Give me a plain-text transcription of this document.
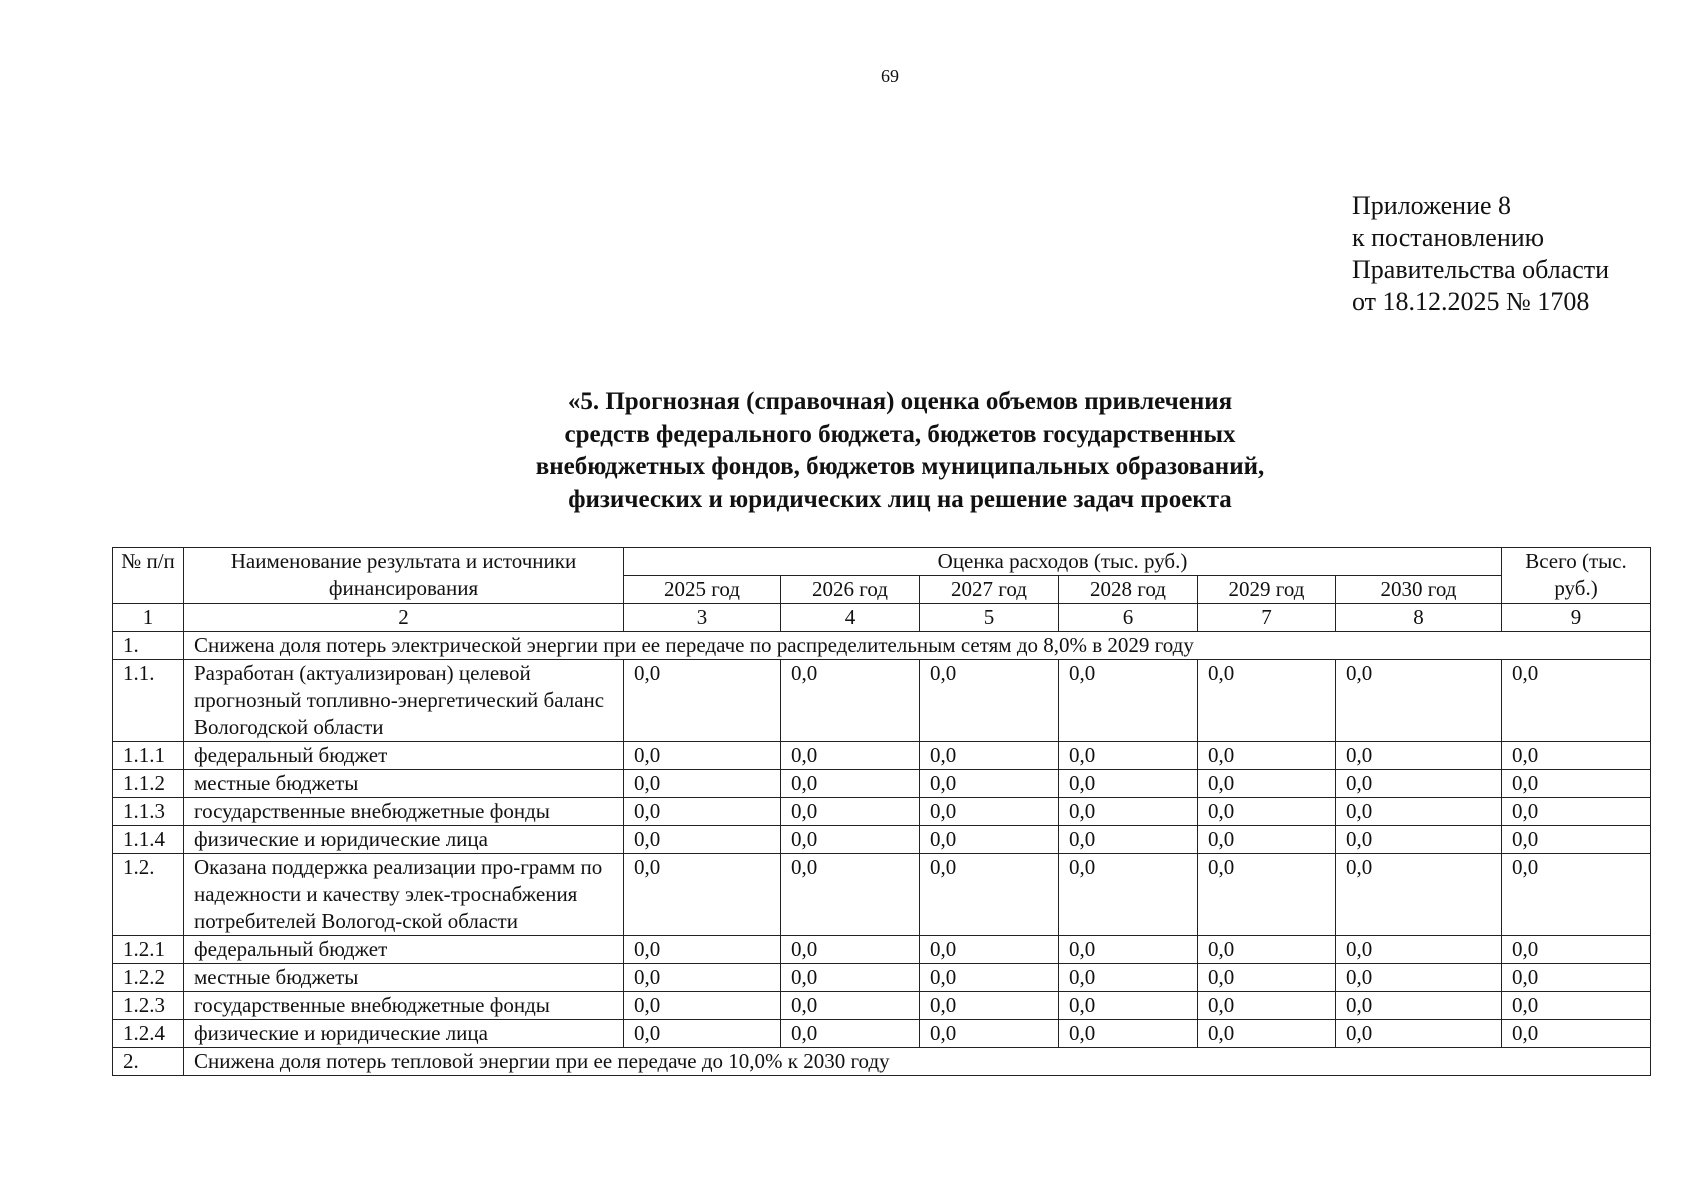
69
Приложение 8
к постановлению
Правительства области
от 18.12.2025 № 1708
«5. Прогнозная (справочная) оценка объемов привлечения
средств федерального бюджета, бюджетов государственных
внебюджетных фондов, бюджетов муниципальных образований,
физических и юридических лиц на решение задач проекта
№ п/п	Наименование результата и источники финансирования	Оценка расходов (тыс. руб.)						Всего (тыс. руб.)
		2025 год	2026 год	2027 год	2028 год	2029 год	2030 год	
1	2	3	4	5	6	7	8	9
1.	Снижена доля потерь электрической энергии при ее передаче по распределительным сетям до 8,0% в 2029 году							
1.1.	Разработан (актуализирован) целевой прогнозный топливно-энергетический баланс Вологодской области	0,0	0,0	0,0	0,0	0,0	0,0	0,0
1.1.1	федеральный бюджет	0,0	0,0	0,0	0,0	0,0	0,0	0,0
1.1.2	местные бюджеты	0,0	0,0	0,0	0,0	0,0	0,0	0,0
1.1.3	государственные внебюджетные фонды	0,0	0,0	0,0	0,0	0,0	0,0	0,0
1.1.4	физические и юридические лица	0,0	0,0	0,0	0,0	0,0	0,0	0,0
1.2.	Оказана поддержка реализации про-грамм по надежности и качеству элек-троснабжения потребителей Вологод-ской области	0,0	0,0	0,0	0,0	0,0	0,0	0,0
1.2.1	федеральный бюджет	0,0	0,0	0,0	0,0	0,0	0,0	0,0
1.2.2	местные бюджеты	0,0	0,0	0,0	0,0	0,0	0,0	0,0
1.2.3	государственные внебюджетные фонды	0,0	0,0	0,0	0,0	0,0	0,0	0,0
1.2.4	физические и юридические лица	0,0	0,0	0,0	0,0	0,0	0,0	0,0
2.	Снижена доля потерь тепловой энергии при ее передаче до 10,0% к 2030 году							
